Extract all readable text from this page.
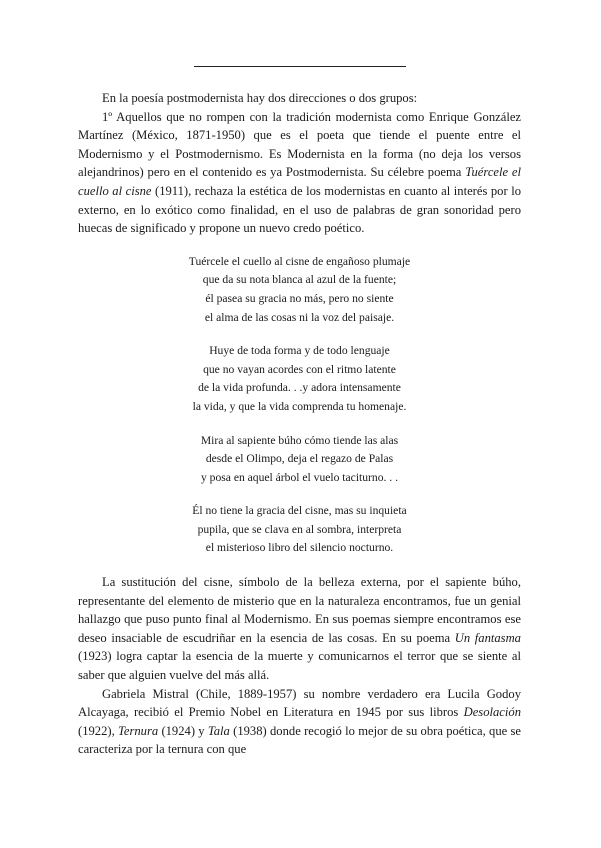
En la poesía postmodernista hay dos direcciones o dos grupos:

1º Aquellos que no rompen con la tradición modernista como Enrique González Martínez (México, 1871-1950) que es el poeta que tiende el puente entre el Modernismo y el Postmodernismo. Es Modernista en la forma (no deja los versos alejandrinos) pero en el contenido es ya Postmodernista. Su célebre poema Tuércele el cuello al cisne (1911), rechaza la estética de los modernistas en cuanto al interés por lo externo, en lo exótico como finalidad, en el uso de palabras de gran sonoridad pero huecas de significado y propone un nuevo credo poético.

Tuércele el cuello al cisne de engañoso plumaje
que da su nota blanca al azul de la fuente;
él pasea su gracia no más, pero no siente
el alma de las cosas ni la voz del paisaje.
Huye de toda forma y de todo lenguaje
que no vayan acordes con el ritmo latente
de la vida profunda. . .y adora intensamente
la vida, y que la vida comprenda tu homenaje.
Mira al sapiente búho cómo tiende las alas
desde el Olimpo, deja el regazo de Palas
y posa en aquel árbol el vuelo taciturno. . .
Él no tiene la gracia del cisne, mas su inquieta
pupila, que se clava en al sombra, interpreta
el misterioso libro del silencio nocturno.

La sustitución del cisne, símbolo de la belleza externa, por el sapiente búho, representante del elemento de misterio que en la naturaleza encontramos, fue un genial hallazgo que puso punto final al Modernismo. En sus poemas siempre encontramos ese deseo insaciable de escudriñar en la esencia de las cosas. En su poema Un fantasma (1923) logra captar la esencia de la muerte y comunicarnos el terror que se siente al saber que alguien vuelve del más allá.

Gabriela Mistral (Chile, 1889-1957) su nombre verdadero era Lucila Godoy Alcayaga, recibió el Premio Nobel en Literatura en 1945 por sus libros Desolación (1922), Ternura (1924) y Tala (1938) donde recogió lo mejor de su obra poética, que se caracteriza por la ternura con que
